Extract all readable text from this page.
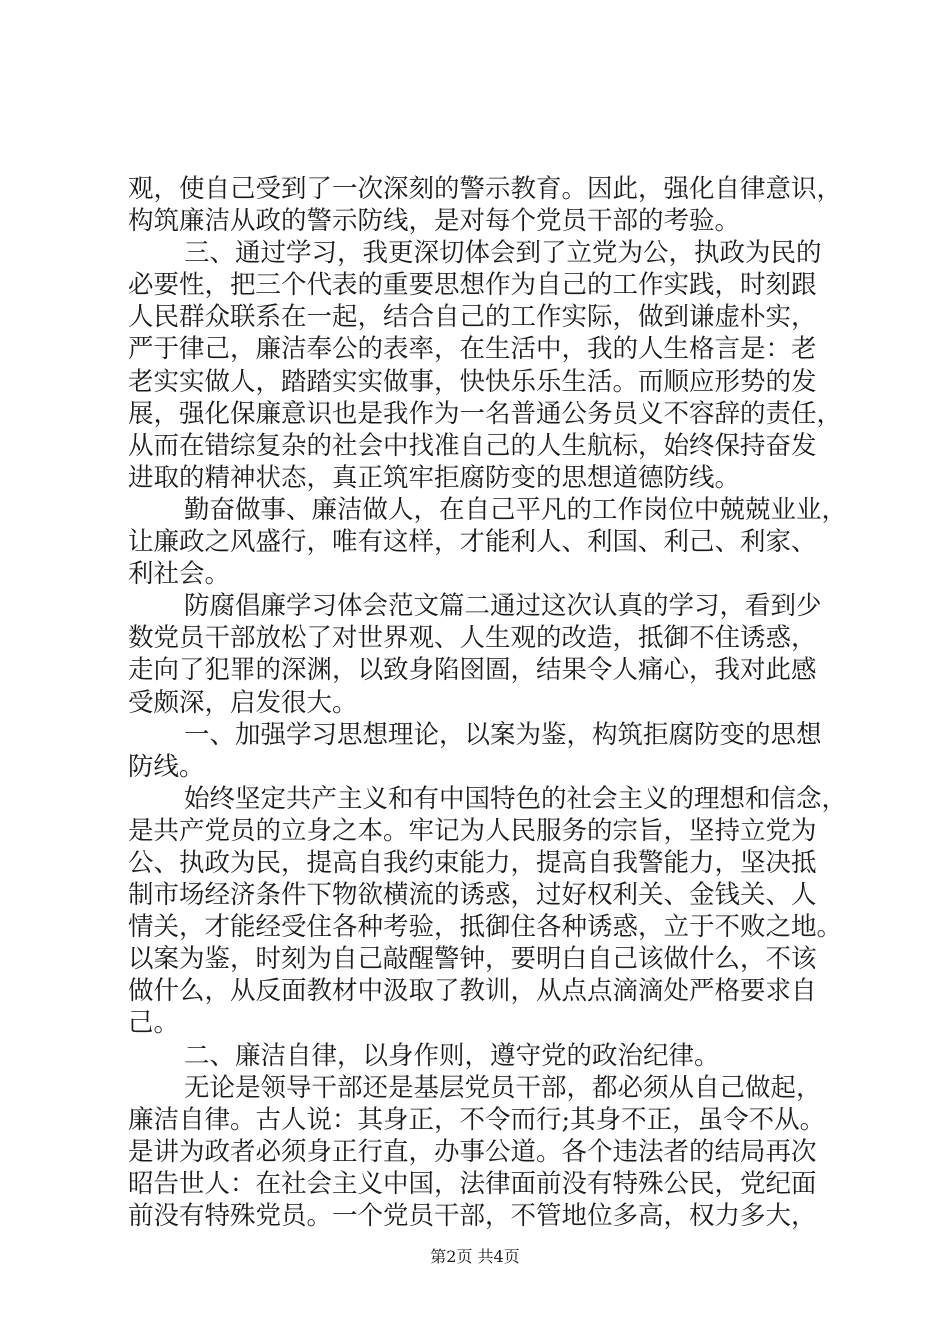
观，使自己受到了一次深刻的警示教育。因此，强化自律意识，
构筑廉洁从政的警示防线，是对每个党员干部的考验。
三、通过学习，我更深切体会到了立党为公，执政为民的
必要性，把三个代表的重要思想作为自己的工作实践，时刻跟
人民群众联系在一起，结合自己的工作实际，做到谦虚朴实，
严于律己，廉洁奉公的表率，在生活中，我的人生格言是：老
老实实做人，踏踏实实做事，快快乐乐生活。而顺应形势的发
展，强化保廉意识也是我作为一名普通公务员义不容辞的责任，
从而在错综复杂的社会中找准自己的人生航标，始终保持奋发
进取的精神状态，真正筑牢拒腐防变的思想道德防线。
勤奋做事、廉洁做人，在自己平凡的工作岗位中兢兢业业，
让廉政之风盛行，唯有这样，才能利人、利国、利己、利家、
利社会。
防腐倡廉学习体会范文篇二通过这次认真的学习，看到少
数党员干部放松了对世界观、人生观的改造，抵御不住诱惑，
走向了犯罪的深渊，以致身陷囹圄，结果令人痛心，我对此感
受颇深，启发很大。
一、加强学习思想理论，以案为鉴，构筑拒腐防变的思想
防线。
始终坚定共产主义和有中国特色的社会主义的理想和信念，
是共产党员的立身之本。牢记为人民服务的宗旨，坚持立党为
公、执政为民，提高自我约束能力，提高自我警能力，坚决抵
制市场经济条件下物欲横流的诱惑，过好权利关、金钱关、人
情关，才能经受住各种考验，抵御住各种诱惑，立于不败之地。
以案为鉴，时刻为自己敲醒警钟，要明白自己该做什么，不该
做什么，从反面教材中汲取了教训，从点点滴滴处严格要求自
己。
二、廉洁自律，以身作则，遵守党的政治纪律。
无论是领导干部还是基层党员干部，都必须从自己做起，
廉洁自律。古人说：其身正，不令而行;其身不正，虽令不从。
是讲为政者必须身正行直，办事公道。各个违法者的结局再次
昭告世人：在社会主义中国，法律面前没有特殊公民，党纪面
前没有特殊党员。一个党员干部，不管地位多高，权力多大，
第2页 共4页
